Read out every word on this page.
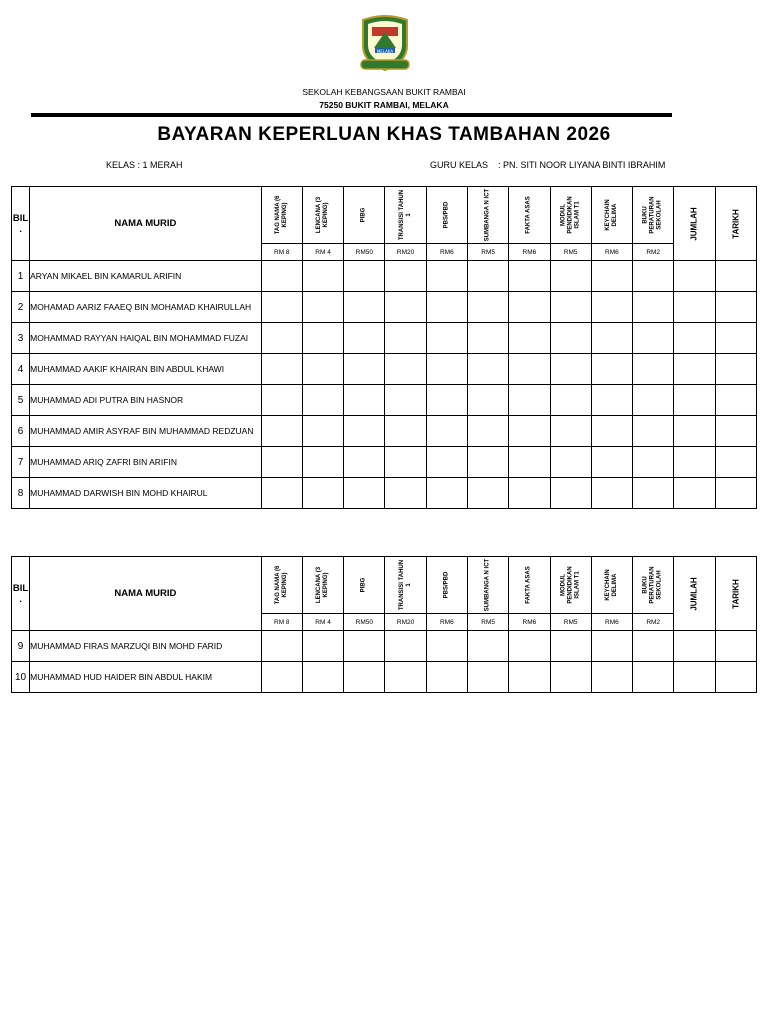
MELAKA
SEKOLAH KEBANGSAAN BUKIT RAMBAI
75250 BUKIT RAMBAI, MELAKA
BAYARAN KEPERLUAN KHAS TAMBAHAN 2026
KELAS : 1 MERAH	GURU KELAS    : PN. SITI NOOR LIYANA BINTI IBRAHIM
BIL .	NAMA MURID	TAG NAMA (6 KEPING)	LENCANA (3 KEPING)	PIBG	TRANSISI TAHUN 1	PBS/PBD	SUMBANGA N ICT	FAKTA ASAS	MODUL PENDIDIKAN ISLAM T1	KEYCHAIN DELIMA	BUKU PERATURAN SEKOLAH	JUMLAH	TARIKH

		RM 8	RM 4	RM50	RM20	RM6	RM5	RM6	RM5	RM6	RM2		
1	ARYAN MIKAEL BIN KAMARUL ARIFIN												
2	MOHAMAD AARIZ FAAEQ BIN MOHAMAD KHAIRULLAH												
3	MOHAMMAD RAYYAN HAIQAL BIN MOHAMMAD FUZAI												
4	MUHAMMAD AAKIF KHAIRAN BIN ABDUL KHAWI												
5	MUHAMMAD ADI PUTRA BIN HASNOR												
6	MUHAMMAD AMIR ASYRAF BIN MUHAMMAD REDZUAN												
7	MUHAMMAD ARIQ ZAFRI BIN ARIFIN												
8	MUHAMMAD DARWISH BIN MOHD KHAIRUL												
BIL .	NAMA MURID	TAG NAMA (6 KEPING)	LENCANA (3 KEPING)	PIBG	TRANSISI TAHUN 1	PBS/PBD	SUMBANGA N ICT	FAKTA ASAS	MODUL PENDIDIKAN ISLAM T1	KEYCHAIN DELIMA	BUKU PERATURAN SEKOLAH	JUMLAH	TARIKH

		RM 8	RM 4	RM50	RM20	RM6	RM5	RM6	RM5	RM6	RM2		
9	MUHAMMAD FIRAS MARZUQI BIN MOHD FARID												
10	MUHAMMAD HUD HAIDER BIN ABDUL HAKIM												
